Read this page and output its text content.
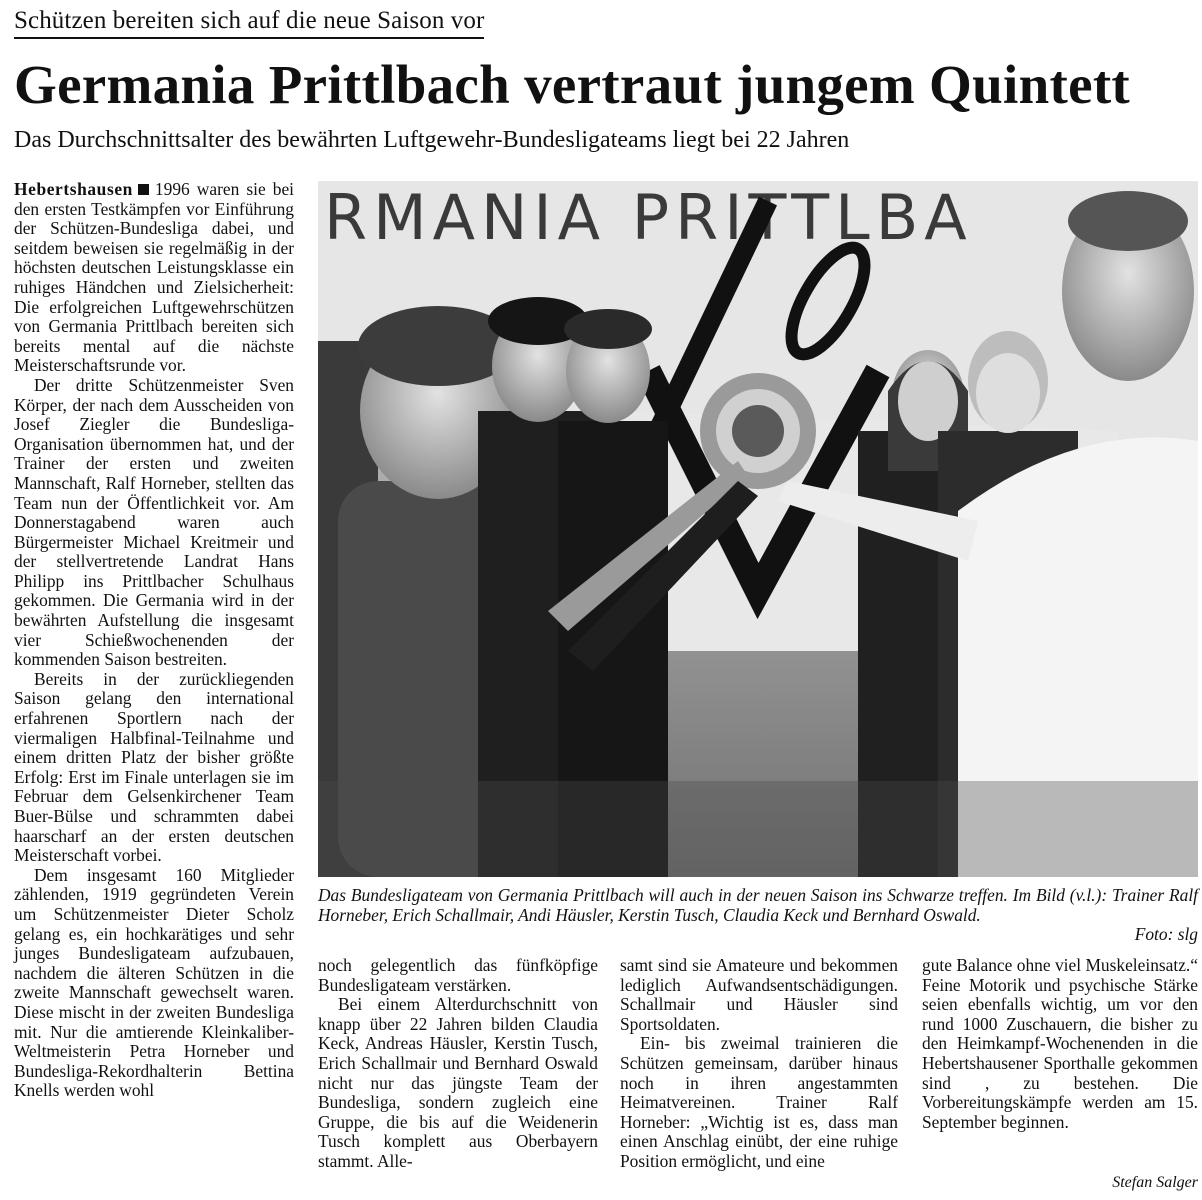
Schützen bereiten sich auf die neue Saison vor
Germania Prittlbach vertraut jungem Quintett
Das Durchschnittsalter des bewährten Luftgewehr-Bundesligateams liegt bei 22 Jahren

Hebertshausen 1996 waren sie bei den ersten Testkämpfen vor Einführung der Schützen-Bundesliga dabei, und seitdem beweisen sie regelmäßig in der höchsten deutschen Leistungsklasse ein ruhiges Händchen und Zielsicherheit: Die erfolgreichen Luftgewehrschützen von Germania Prittlbach bereiten sich bereits mental auf die nächste Meisterschaftsrunde vor.

Der dritte Schützenmeister Sven Körper, der nach dem Ausscheiden von Josef Ziegler die Bundesliga-Organisation übernommen hat, und der Trainer der ersten und zweiten Mannschaft, Ralf Horneber, stellten das Team nun der Öffentlichkeit vor. Am Donnerstagabend waren auch Bürgermeister Michael Kreitmeir und der stellvertretende Landrat Hans Philipp ins Prittlbacher Schulhaus gekommen. Die Germania wird in der bewährten Aufstellung die insgesamt vier Schießwochenenden der kommenden Saison bestreiten.

Bereits in der zurückliegenden Saison gelang den international erfahrenen Sportlern nach der viermaligen Halbfinal-Teilnahme und einem dritten Platz der bisher größte Erfolg: Erst im Finale unterlagen sie im Februar dem Gelsenkirchener Team Buer-Bülse und schrammten dabei haarscharf an der ersten deutschen Meisterschaft vorbei.

Dem insgesamt 160 Mitglieder zählenden, 1919 gegründeten Verein um Schützenmeister Dieter Scholz gelang es, ein hochkarätiges und sehr junges Bundesligateam aufzubauen, nachdem die älteren Schützen in die zweite Mannschaft gewechselt waren. Diese mischt in der zweiten Bundesliga mit. Nur die amtierende Kleinkaliber-Weltmeisterin Petra Horneber und Bundesliga-Rekordhalterin Bettina Knells werden wohl

RMANIA PRITTLBA
Das Bundesligateam von Germania Prittlbach will auch in der neuen Saison ins Schwarze treffen. Im Bild (v.l.): Trainer Ralf Horneber, Erich Schallmair, Andi Häusler, Kerstin Tusch, Claudia Keck und Bernhard Oswald.
Foto: slg

noch gelegentlich das fünfköpfige Bundesligateam verstärken.

Bei einem Alterdurchschnitt von knapp über 22 Jahren bilden Claudia Keck, Andreas Häusler, Kerstin Tusch, Erich Schallmair und Bernhard Oswald nicht nur das jüngste Team der Bundesliga, sondern zugleich eine Gruppe, die bis auf die Weidenerin Tusch komplett aus Oberbayern stammt. Alle-

samt sind sie Amateure und bekommen lediglich Aufwandsentschädigungen. Schallmair und Häusler sind Sportsoldaten.

Ein- bis zweimal trainieren die Schützen gemeinsam, darüber hinaus noch in ihren angestammten Heimatvereinen. Trainer Ralf Horneber: „Wichtig ist es, dass man einen Anschlag einübt, der eine ruhige Position ermöglicht, und eine

gute Balance ohne viel Muskeleinsatz.“ Feine Motorik und psychische Stärke seien ebenfalls wichtig, um vor den rund 1000 Zuschauern, die bisher zu den Heimkampf-Wochenenden in die Hebertshausener Sporthalle gekommen sind , zu bestehen. Die Vorbereitungskämpfe werden am 15. September beginnen.

Stefan Salger
